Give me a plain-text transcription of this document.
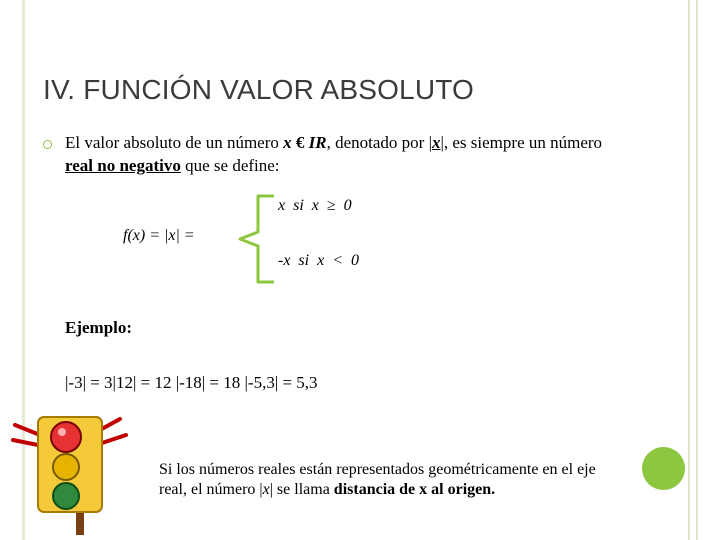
IV. FUNCIÓN VALOR ABSOLUTO
El valor absoluto de un número x € IR, denotado por |x|, es siempre un número real no negativo que se define:
x  si  x  ≥  0
f(x) = |x| =
-x  si  x  <  0
Ejemplo:
|-3| = 3|12| = 12 |-18| = 18 |-5,3| = 5,3
Si los números reales están representados geométricamente en el eje real, el número |x| se llama distancia de x al origen.
